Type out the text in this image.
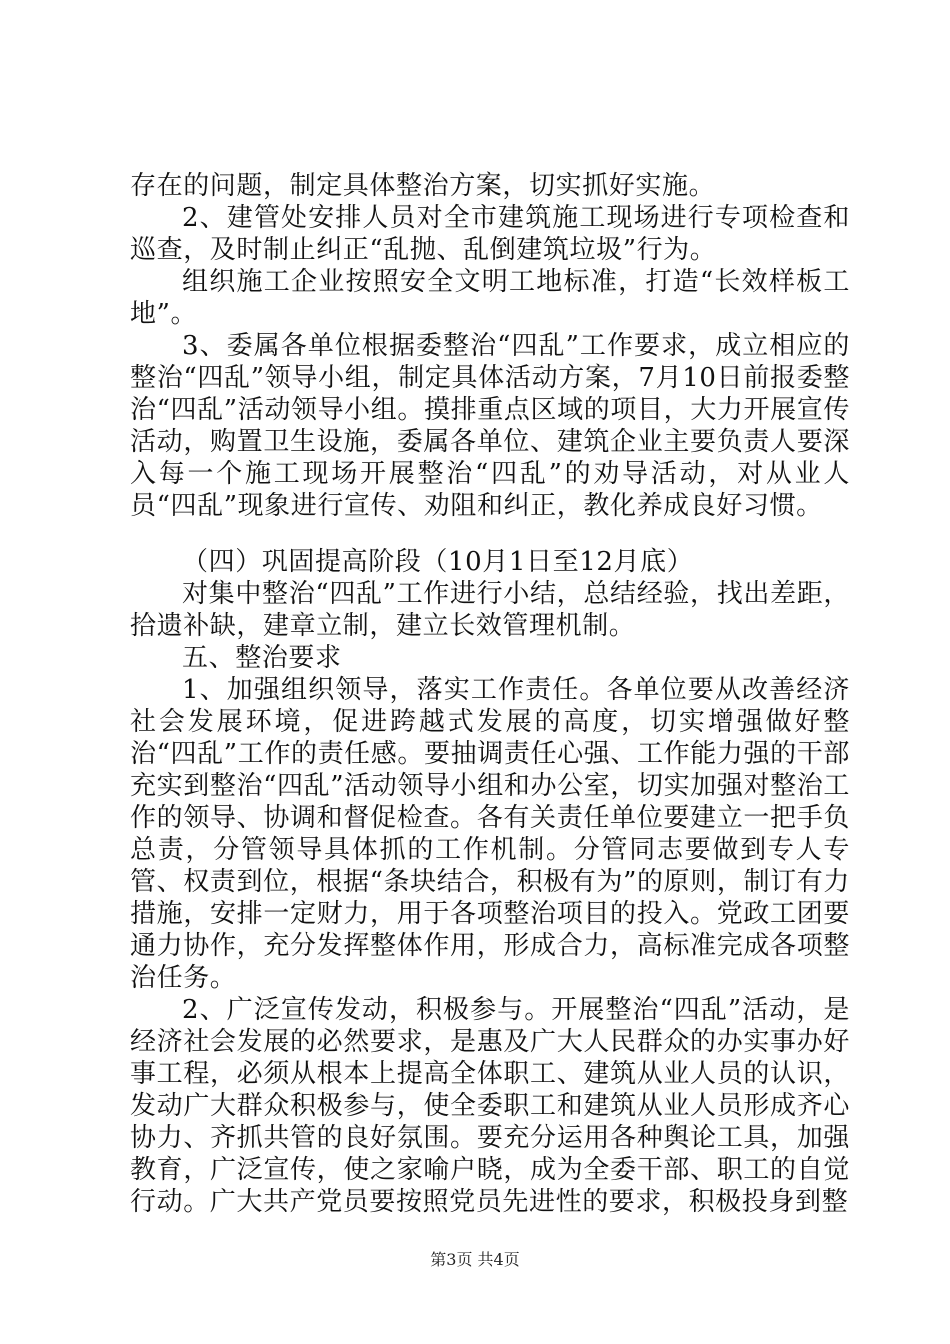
存在的问题，制定具体整治方案，切实抓好实施。

2、建管处安排人员对全市建筑施工现场进行专项检查和巡查，及时制止纠正“乱抛、乱倒建筑垃圾”行为。

组织施工企业按照安全文明工地标准，打造“长效样板工地”。

3、委属各单位根据委整治“四乱”工作要求，成立相应的整治“四乱”领导小组，制定具体活动方案，7月10日前报委整治“四乱”活动领导小组。摸排重点区域的项目，大力开展宣传活动，购置卫生设施，委属各单位、建筑企业主要负责人要深入每一个施工现场开展整治“四乱”的劝导活动，对从业人员“四乱”现象进行宣传、劝阻和纠正，教化养成良好习惯。

（四）巩固提高阶段（10月1日至12月底）

对集中整治“四乱”工作进行小结，总结经验，找出差距，拾遗补缺，建章立制，建立长效管理机制。

五、整治要求

1、加强组织领导，落实工作责任。各单位要从改善经济社会发展环境，促进跨越式发展的高度，切实增强做好整治“四乱”工作的责任感。要抽调责任心强、工作能力强的干部充实到整治“四乱”活动领导小组和办公室，切实加强对整治工作的领导、协调和督促检查。各有关责任单位要建立一把手负总责，分管领导具体抓的工作机制。分管同志要做到专人专管、权责到位，根据“条块结合，积极有为”的原则，制订有力措施，安排一定财力，用于各项整治项目的投入。党政工团要通力协作，充分发挥整体作用，形成合力，高标准完成各项整治任务。

2、广泛宣传发动，积极参与。开展整治“四乱”活动，是经济社会发展的必然要求，是惠及广大人民群众的办实事办好事工程，必须从根本上提高全体职工、建筑从业人员的认识，发动广大群众积极参与，使全委职工和建筑从业人员形成齐心协力、齐抓共管的良好氛围。要充分运用各种舆论工具，加强教育，广泛宣传，使之家喻户晓，成为全委干部、职工的自觉行动。广大共产党员要按照党员先进性的要求，积极投身到整

第3页 共4页
